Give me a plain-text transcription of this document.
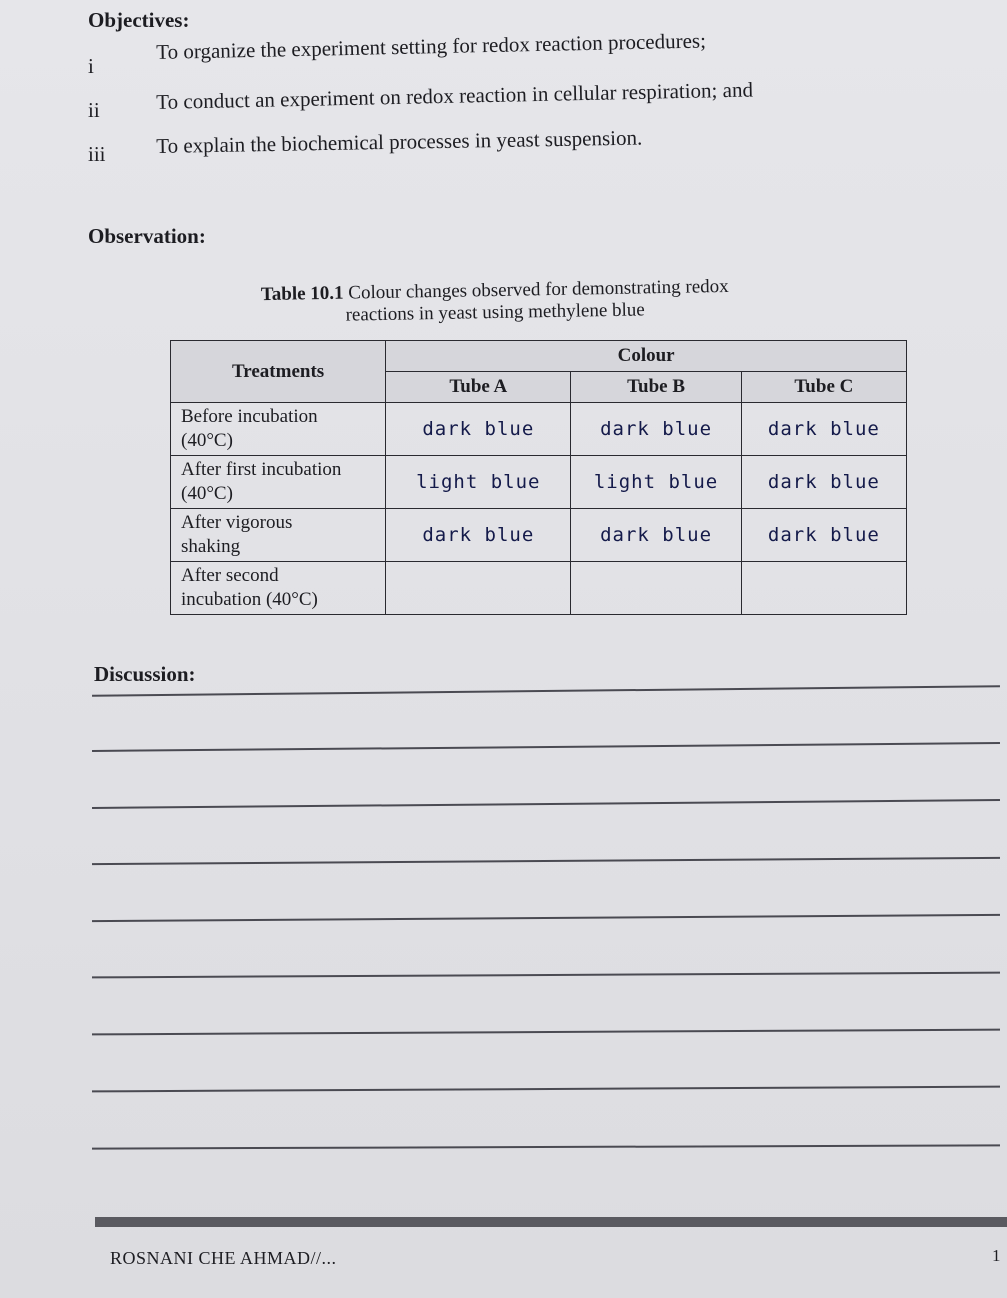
Objectives:
i
To organize the experiment setting for redox reaction procedures;
ii	To conduct an experiment on redox reaction in cellular respiration; and
iii To explain the biochemical processes in yeast suspension.
Observation:
Table 10.1 Colour changes observed for demonstrating redox
reactions in yeast using methylene blue
Treatments	Colour		
	Tube A	Tube B	Tube C
Before incubation
(40°C)	dark blue	dark blue	dark blue
After first incubation
(40°C)	light blue	light blue	dark blue
After vigorous
shaking	dark blue	dark blue	dark blue
After second
incubation (40°C)			
Discussion:
ROSNANI CHE AHMAD//...	1
